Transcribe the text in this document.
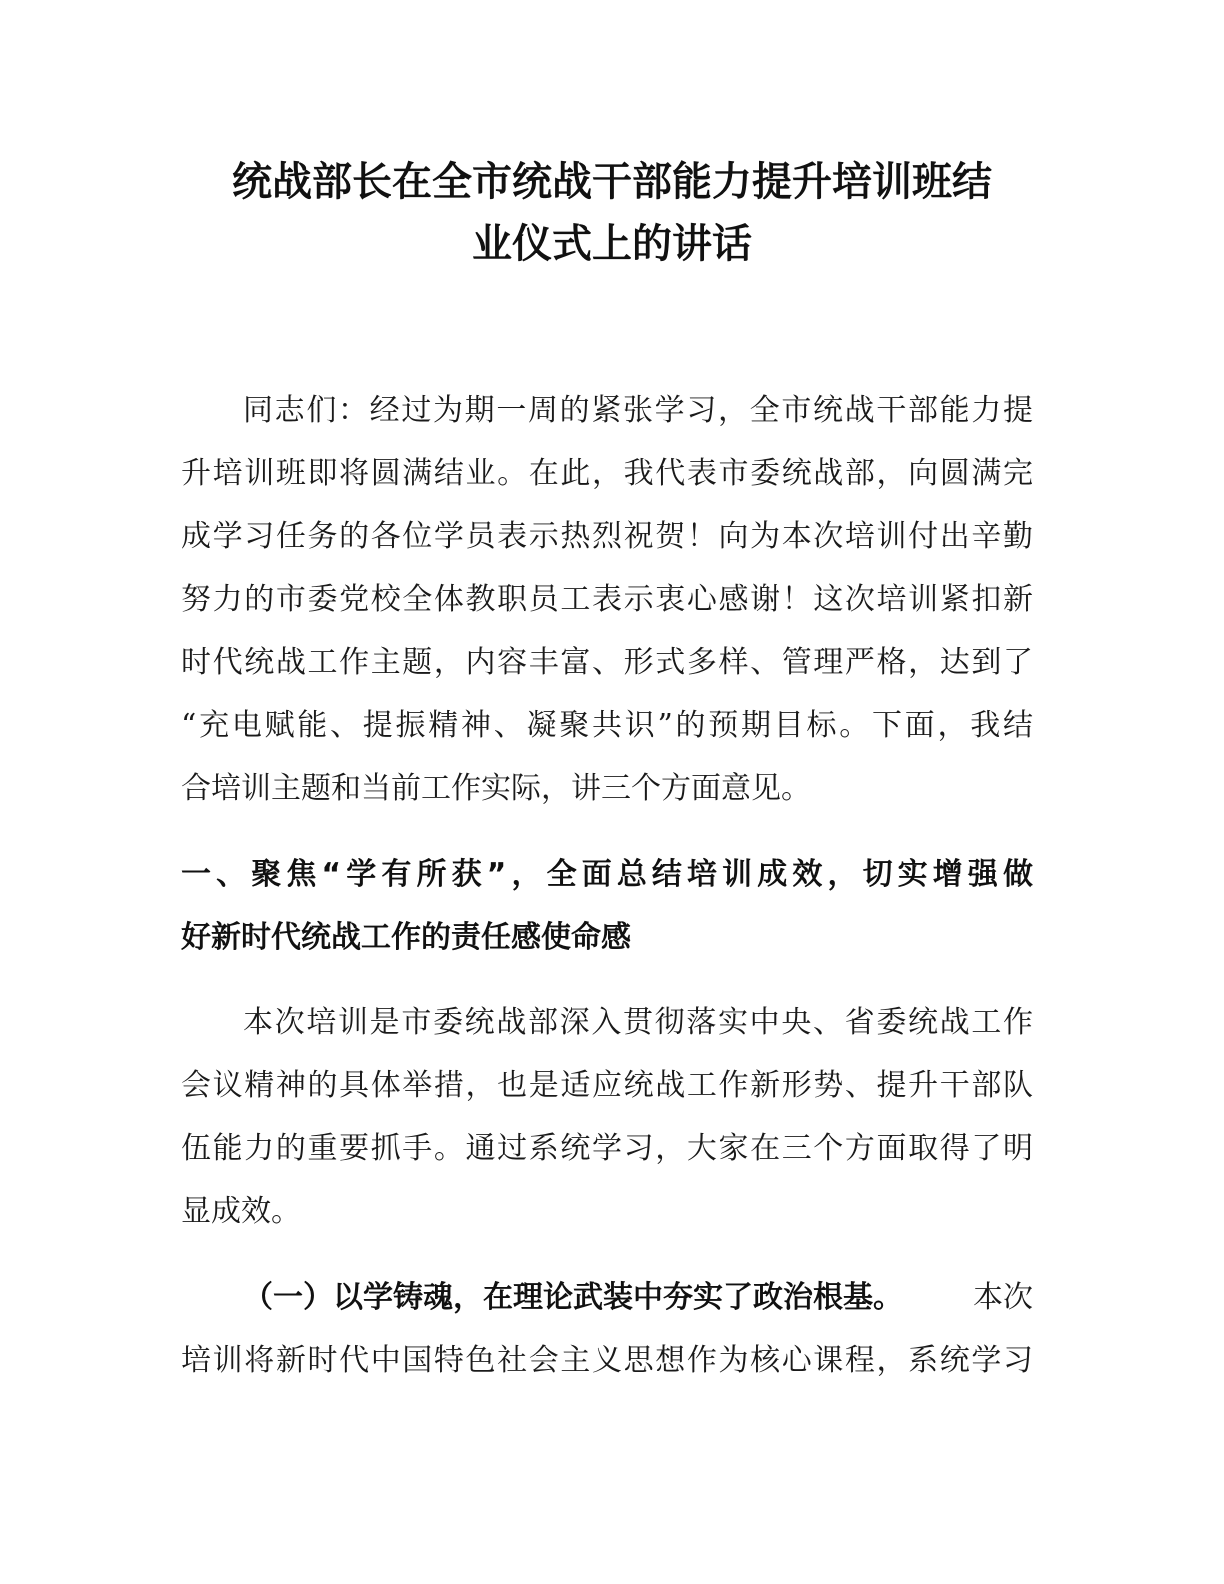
统战部长在全市统战干部能力提升培训班结
业仪式上的讲话
同志们：经过为期一周的紧张学习，全市统战干部能力提
升培训班即将圆满结业。在此，我代表市委统战部，向圆满完
成学习任务的各位学员表示热烈祝贺！向为本次培训付出辛勤
努力的市委党校全体教职员工表示衷心感谢！这次培训紧扣新
时代统战工作主题，内容丰富、形式多样、管理严格，达到了
“充电赋能、提振精神、凝聚共识”的预期目标。下面，我结
合培训主题和当前工作实际，讲三个方面意见。
一、聚焦“学有所获”，全面总结培训成效，切实增强做
好新时代统战工作的责任感使命感
本次培训是市委统战部深入贯彻落实中央、省委统战工作
会议精神的具体举措，也是适应统战工作新形势、提升干部队
伍能力的重要抓手。通过系统学习，大家在三个方面取得了明
显成效。
（一）以学铸魂，在理论武装中夯实了政治根基。 本次
培训将新时代中国特色社会主义思想作为核心课程，系统学习
